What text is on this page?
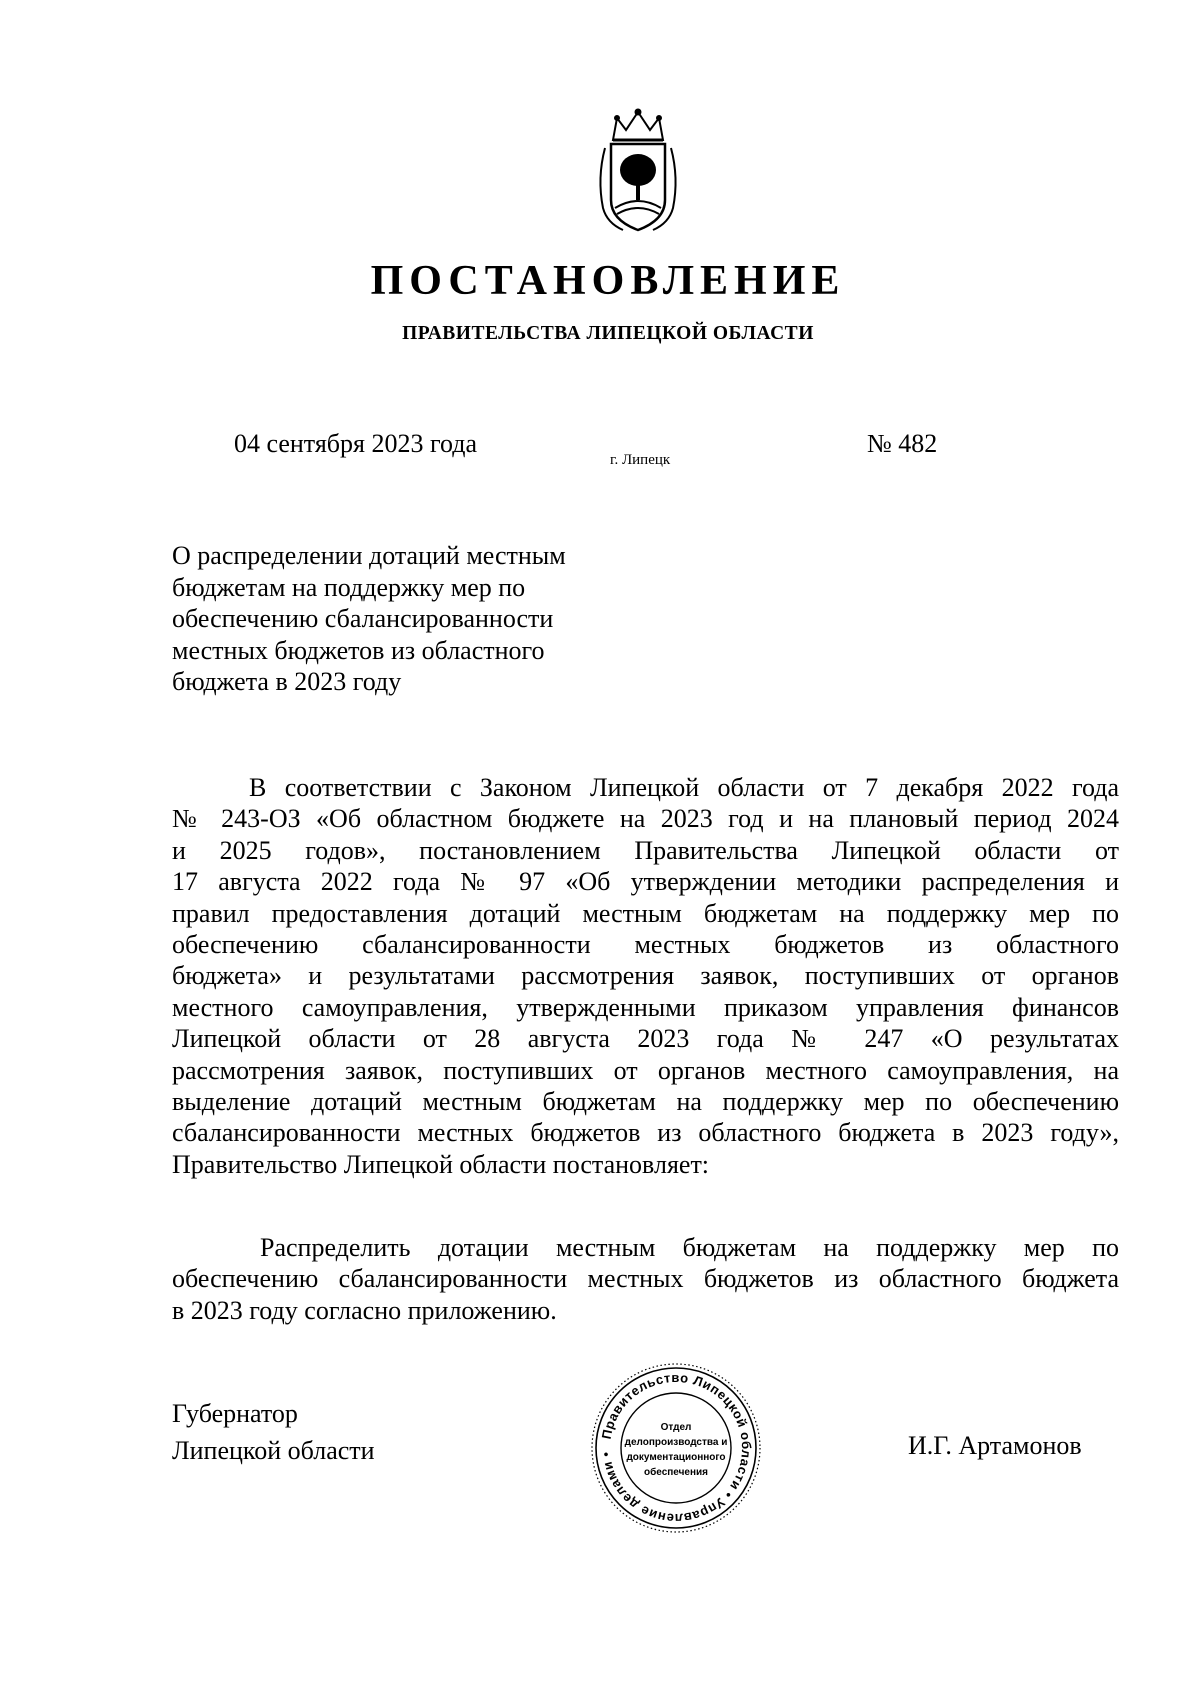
ПОСТАНОВЛЕНИЕ
ПРАВИТЕЛЬСТВА ЛИПЕЦКОЙ ОБЛАСТИ
04 сентября 2023 года
г. Липецк
№ 482
О распределении дотаций местным
бюджетам на поддержку мер по
обеспечению сбалансированности
местных бюджетов из областного
бюджета в 2023 году
В соответствии с Законом Липецкой области от 7 декабря 2022 года
№ 243-ОЗ «Об областном бюджете на 2023 год и на плановый период 2024
и 2025 годов», постановлением Правительства Липецкой области от
17 августа 2022 года № 97 «Об утверждении методики распределения и
правил предоставления дотаций местным бюджетам на поддержку мер по
обеспечению сбалансированности местных бюджетов из областного
бюджета» и результатами рассмотрения заявок, поступивших от органов
местного самоуправления, утвержденными приказом управления финансов
Липецкой области от 28 августа 2023 года № 247 «О результатах
рассмотрения заявок, поступивших от органов местного самоуправления, на
выделение дотаций местным бюджетам на поддержку мер по обеспечению
сбалансированности местных бюджетов из областного бюджета в 2023 году»,
Правительство Липецкой области постановляет:
Распределить дотации местным бюджетам на поддержку мер по
обеспечению сбалансированности местных бюджетов из областного бюджета
в 2023 году согласно приложению.
Губернатор
Липецкой области
Правительство Липецкой области • Управление делами •
Отдел
делопроизводства и
документационного
обеспечения
И.Г. Артамонов
